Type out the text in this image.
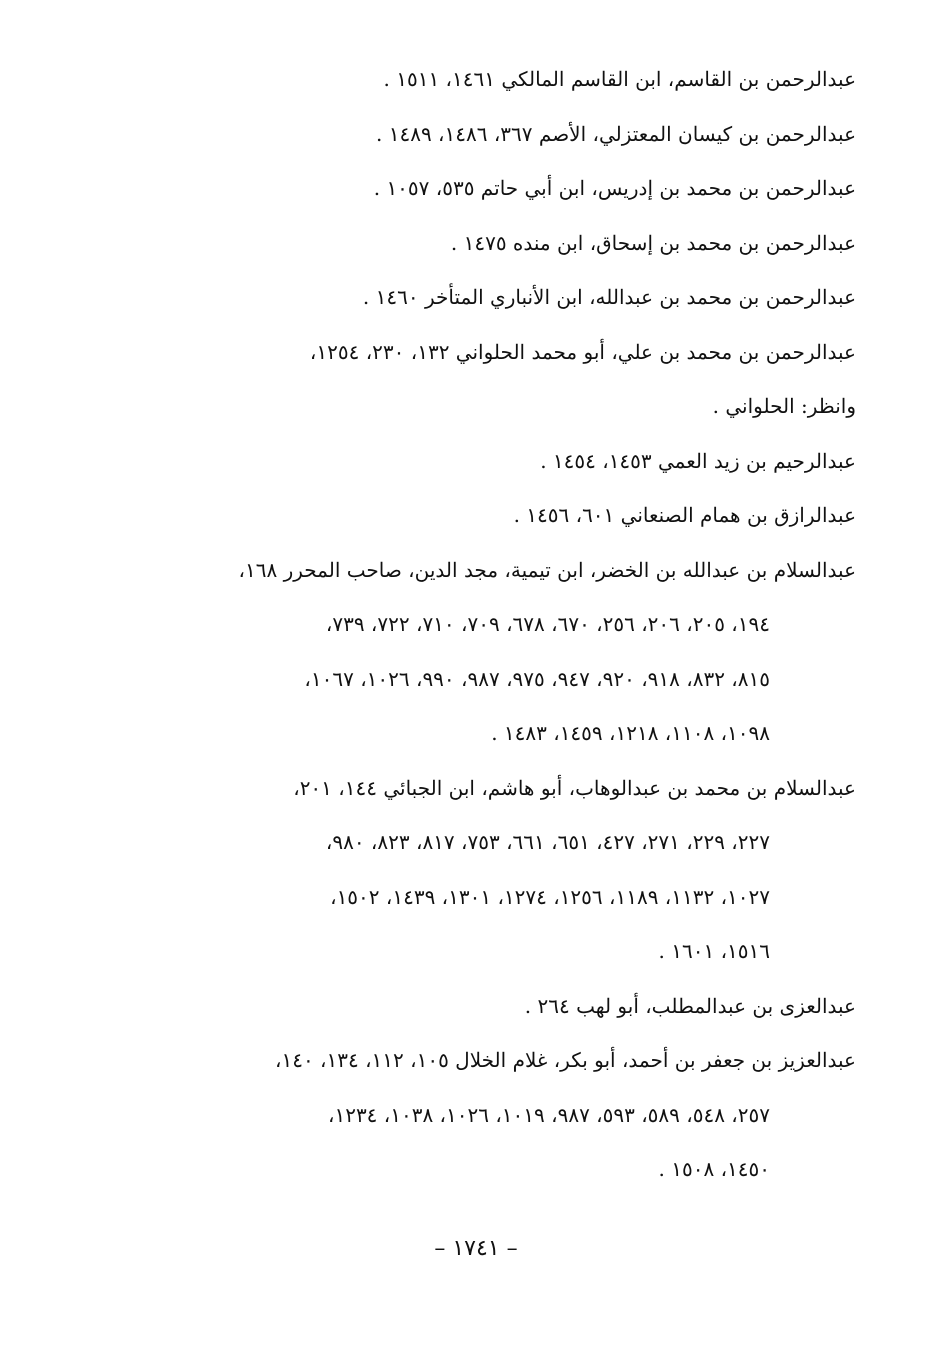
عبدالرحمن بن القاسم، ابن القاسم المالكي ١٤٦١، ١٥١١ .
عبدالرحمن بن كيسان المعتزلي، الأصم ٣٦٧، ١٤٨٦، ١٤٨٩ .
عبدالرحمن بن محمد بن إدريس، ابن أبي حاتم ٥٣٥، ١٠٥٧ .
عبدالرحمن بن محمد بن إسحاق، ابن منده ١٤٧٥ .
عبدالرحمن بن محمد بن عبدالله، ابن الأنباري المتأخر ١٤٦٠ .
عبدالرحمن بن محمد بن علي، أبو محمد الحلواني ١٣٢، ٢٣٠، ١٢٥٤،
وانظر: الحلواني .
عبدالرحيم بن زيد العمي ١٤٥٣، ١٤٥٤ .
عبدالرازق بن همام الصنعاني ٦٠١، ١٤٥٦ .
عبدالسلام بن عبدالله بن الخضر، ابن تيمية، مجد الدين، صاحب المحرر ١٦٨،
١٩٤، ٢٠٥، ٢٠٦، ٢٥٦، ٦٧٠، ٦٧٨، ٧٠٩، ٧١٠، ٧٢٢، ٧٣٩،
٨١٥، ٨٣٢، ٩١٨، ٩٢٠، ٩٤٧، ٩٧٥، ٩٨٧، ٩٩٠، ١٠٢٦، ١٠٦٧،
١٠٩٨، ١١٠٨، ١٢١٨، ١٤٥٩، ١٤٨٣ .
عبدالسلام بن محمد بن عبدالوهاب، أبو هاشم، ابن الجبائي ١٤٤، ٢٠١،
٢٢٧، ٢٢٩، ٢٧١، ٤٢٧، ٦٥١، ٦٦١، ٧٥٣، ٨١٧، ٨٢٣، ٩٨٠،
١٠٢٧، ١١٣٢، ١١٨٩، ١٢٥٦، ١٢٧٤، ١٣٠١، ١٤٣٩، ١٥٠٢،
١٥١٦، ١٦٠١ .
عبدالعزى بن عبدالمطلب، أبو لهب ٢٦٤ .
عبدالعزيز بن جعفر بن أحمد، أبو بكر، غلام الخلال ١٠٥، ١١٢، ١٣٤، ١٤٠،
٢٥٧، ٥٤٨، ٥٨٩، ٥٩٣، ٩٨٧، ١٠١٩، ١٠٢٦، ١٠٣٨، ١٢٣٤،
١٤٥٠، ١٥٠٨ .
– ١٧٤١ –
